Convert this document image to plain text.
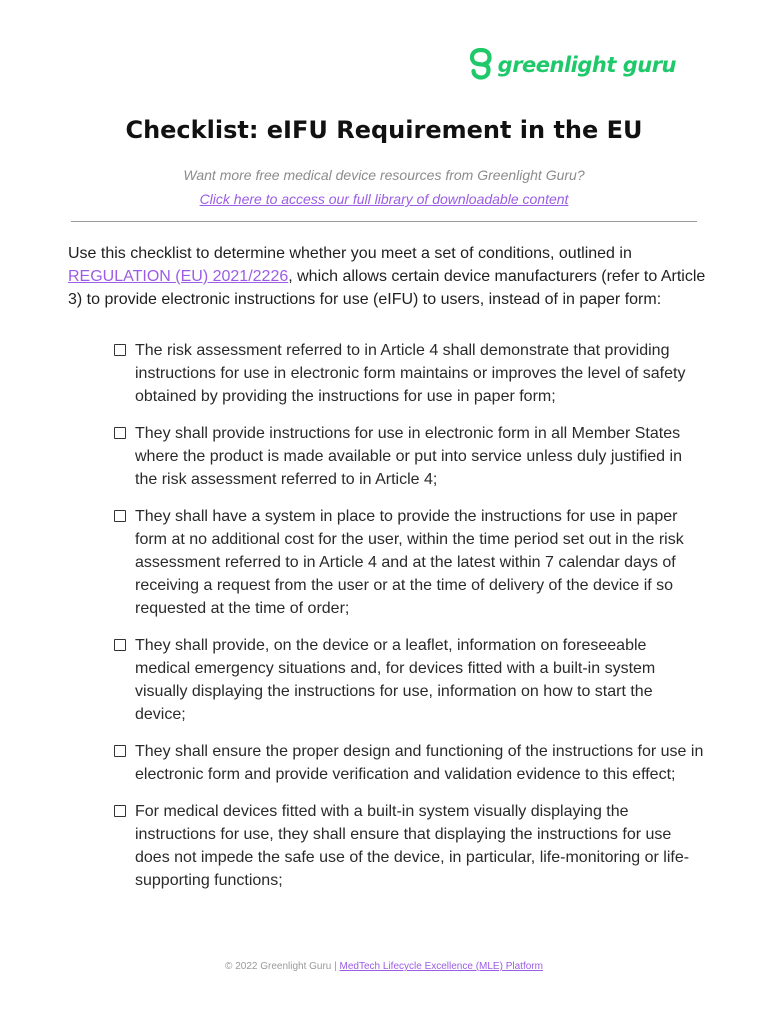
greenlight guru
Checklist: eIFU Requirement in the EU

Want more free medical device resources from Greenlight Guru?

Click here to access our full library of downloadable content

Use this checklist to determine whether you meet a set of conditions, outlined in REGULATION (EU) 2021/2226, which allows certain device manufacturers (refer to Article 3) to provide electronic instructions for use (eIFU) to users, instead of in paper form:

The risk assessment referred to in Article 4 shall demonstrate that providing instructions for use in electronic form maintains or improves the level of safety obtained by providing the instructions for use in paper form;
They shall provide instructions for use in electronic form in all Member States where the product is made available or put into service unless duly justified in the risk assessment referred to in Article 4;
They shall have a system in place to provide the instructions for use in paper form at no additional cost for the user, within the time period set out in the risk assessment referred to in Article 4 and at the latest within 7 calendar days of receiving a request from the user or at the time of delivery of the device if so requested at the time of order;
They shall provide, on the device or a leaflet, information on foreseeable medical emergency situations and, for devices fitted with a built-in system visually displaying the instructions for use, information on how to start the device;
They shall ensure the proper design and functioning of the instructions for use in electronic form and provide verification and validation evidence to this effect;
For medical devices fitted with a built-in system visually displaying the instructions for use, they shall ensure that displaying the instructions for use does not impede the safe use of the device, in particular, life-monitoring or life-supporting functions;

© 2022 Greenlight Guru | MedTech Lifecycle Excellence (MLE) Platform
